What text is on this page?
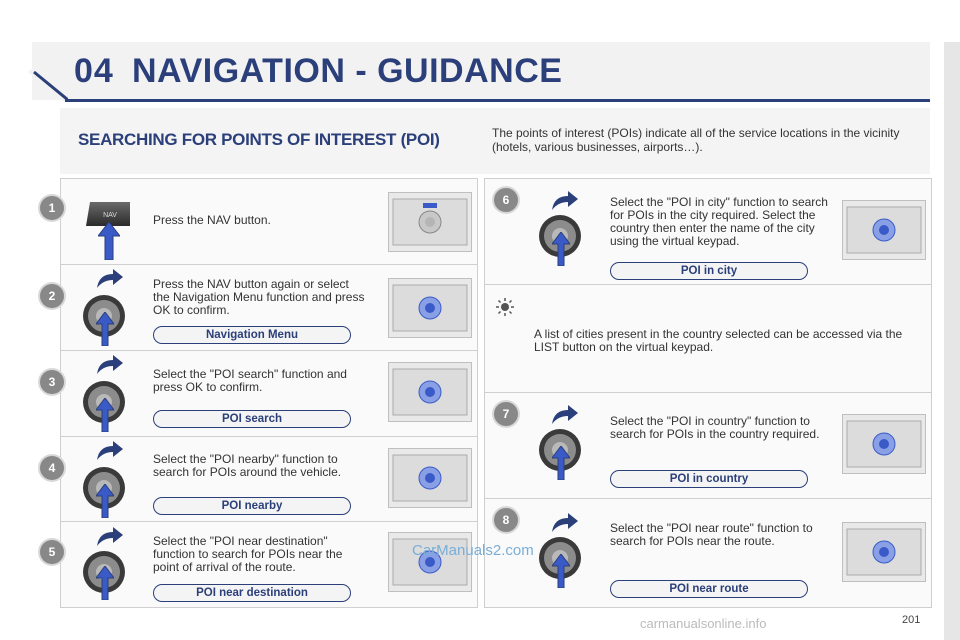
04 NAVIGATION - GUIDANCE
SEARCHING FOR POINTS OF INTEREST (POI)	The points of interest (POIs) indicate all of the service locations in the vicinity (hotels, various businesses, airports…).
1
NAV	Press the NAV button.
2
Press the NAV button again or select the Navigation Menu function and press OK to confirm.
Navigation Menu
3
Select the "POI search" function and press OK to confirm.
POI search
4
Select the "POI nearby" function to search for POIs around the vehicle.
POI nearby
5
Select the "POI near destination" function to search for POIs near the point of arrival of the route.
POI near destination
6	Select the "POI in city" function to search for POIs in the city required. Select the country then enter the name of the city using the virtual keypad.
POI in city
A list of cities present in the country selected can be accessed via the LIST button on the virtual keypad.
7	Select the "POI in country" function to search for POIs in the country required.
POI in country
8
Select the "POI near route" function to search for POIs near the route.
POI near route
CarManuals2.com
carmanualsonline.info	201
